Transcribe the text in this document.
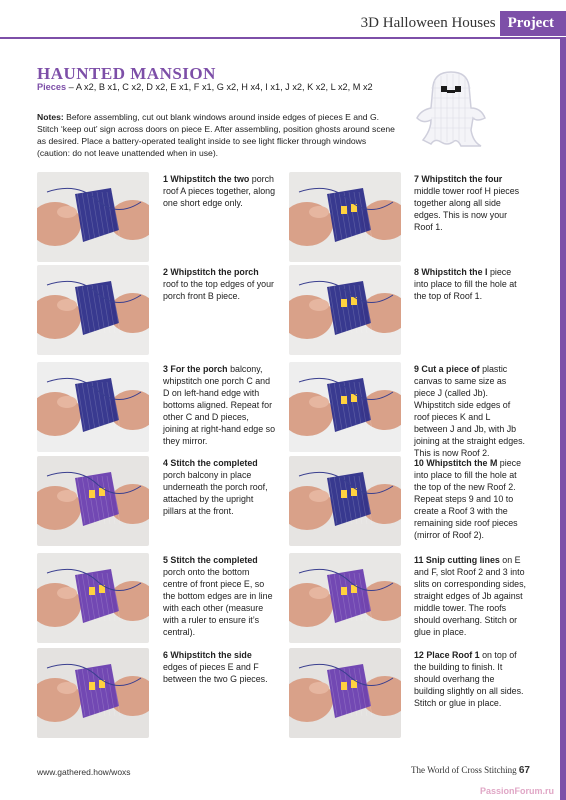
3D Halloween Houses Project
HAUNTED MANSION
Pieces – A x2, B x1, C x2, D x2, E x1, F x1, G x2, H x4, I x1, J x2, K x2, L x2, M x2
Notes: Before assembling, cut out blank windows around inside edges of pieces E and G. Stitch ‘keep out’ sign across doors on piece E. After assembling, position ghosts around scene as desired. Place a battery-operated tealight inside to see light flicker through windows (caution: do not leave unattended when in use).
1 Whipstitch the two porch roof A pieces together, along one short edge only.
2 Whipstitch the porch roof to the top edges of your porch front B piece.
3 For the porch balcony, whipstitch one porch C and D on left-hand edge with bottoms aligned. Repeat for other C and D pieces, joining at right-hand edge so they mirror.
4 Stitch the completed porch balcony in place underneath the porch roof, attached by the upright pillars at the front.
5 Stitch the completed porch onto the bottom centre of front piece E, so the bottom edges are in line with each other (measure with a ruler to ensure it’s central).
6 Whipstitch the side edges of pieces E and F between the two G pieces.
7 Whipstitch the four middle tower roof H pieces together along all side edges. This is now your Roof 1.
8 Whipstitch the I piece into place to fill the hole at the top of Roof 1.
9 Cut a piece of plastic canvas to same size as piece J (called Jb). Whipstitch side edges of roof pieces K and L between J and Jb, with Jb joining at the straight edges. This is now Roof 2.
10 Whipstitch the M piece into place to fill the hole at the top of the new Roof 2. Repeat steps 9 and 10 to create a Roof 3 with the remaining side roof pieces (mirror of Roof 2).
11 Snip cutting lines on E and F, slot Roof 2 and 3 into slits on corresponding sides, straight edges of Jb against middle tower. The roofs should overhang. Stitch or glue in place.
12 Place Roof 1 on top of the building to finish. It should overhang the building slightly on all sides. Stitch or glue in place.
www.gathered.how/woxs	The World of Cross Stitching 67
PassionForum.ru
